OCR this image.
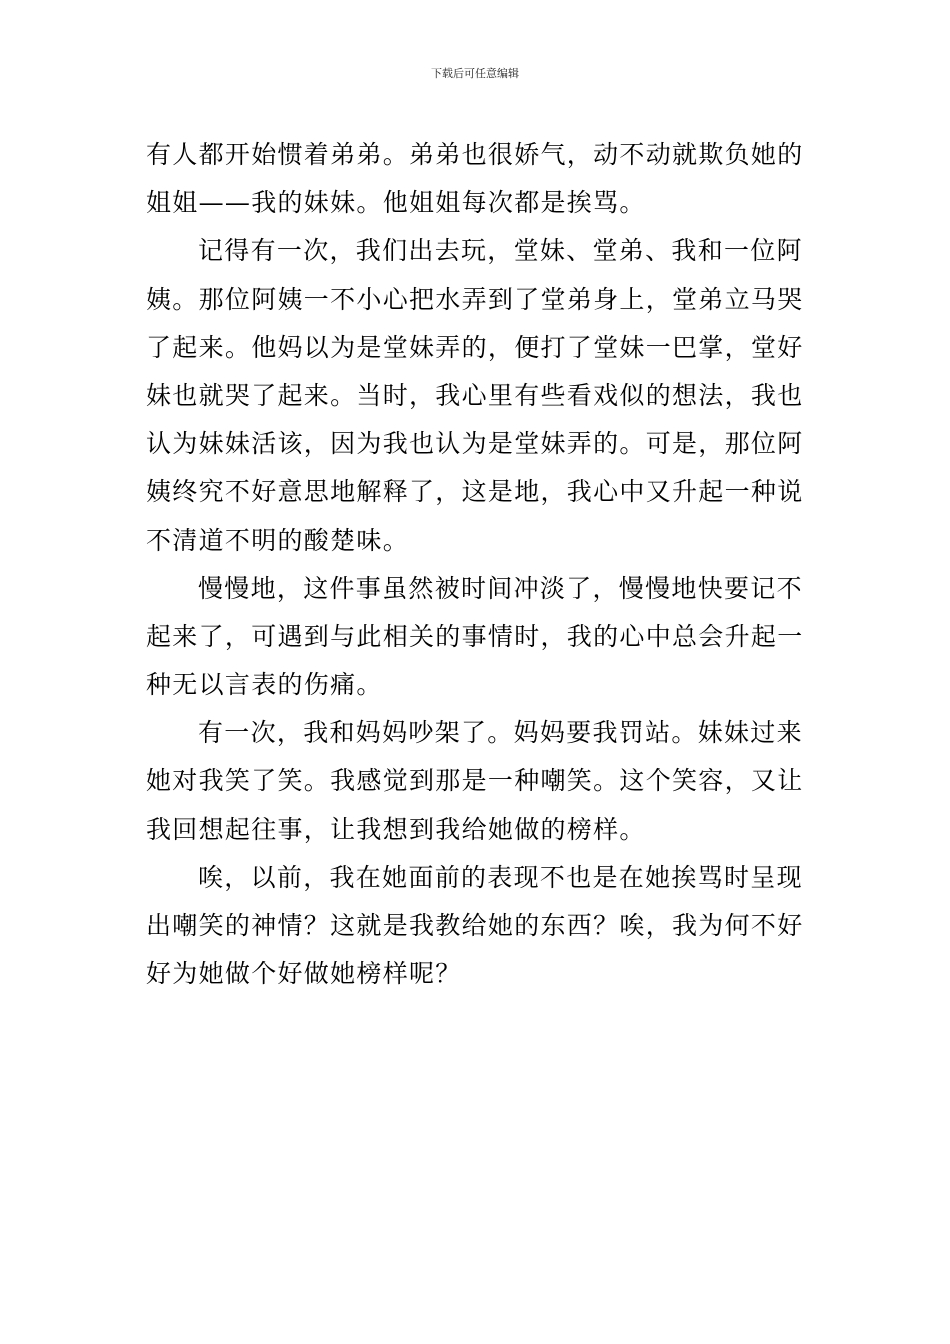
下载后可任意编辑
有人都开始惯着弟弟。弟弟也很娇气，动不动就欺负她的
姐姐——我的妹妹。他姐姐每次都是挨骂。
记得有一次，我们出去玩，堂妹、堂弟、我和一位阿
姨。那位阿姨一不小心把水弄到了堂弟身上，堂弟立马哭
了起来。他妈以为是堂妹弄的，便打了堂妹一巴掌，堂好
妹也就哭了起来。当时，我心里有些看戏似的想法，我也
认为妹妹活该，因为我也认为是堂妹弄的。可是，那位阿
姨终究不好意思地解释了，这是地，我心中又升起一种说
不清道不明的酸楚味。
慢慢地，这件事虽然被时间冲淡了，慢慢地快要记不
起来了，可遇到与此相关的事情时，我的心中总会升起一
种无以言表的伤痛。
有一次，我和妈妈吵架了。妈妈要我罚站。妹妹过来
她对我笑了笑。我感觉到那是一种嘲笑。这个笑容，又让
我回想起往事，让我想到我给她做的榜样。
唉，以前，我在她面前的表现不也是在她挨骂时呈现
出嘲笑的神情？这就是我教给她的东西？唉，我为何不好
好为她做个好做她榜样呢？
